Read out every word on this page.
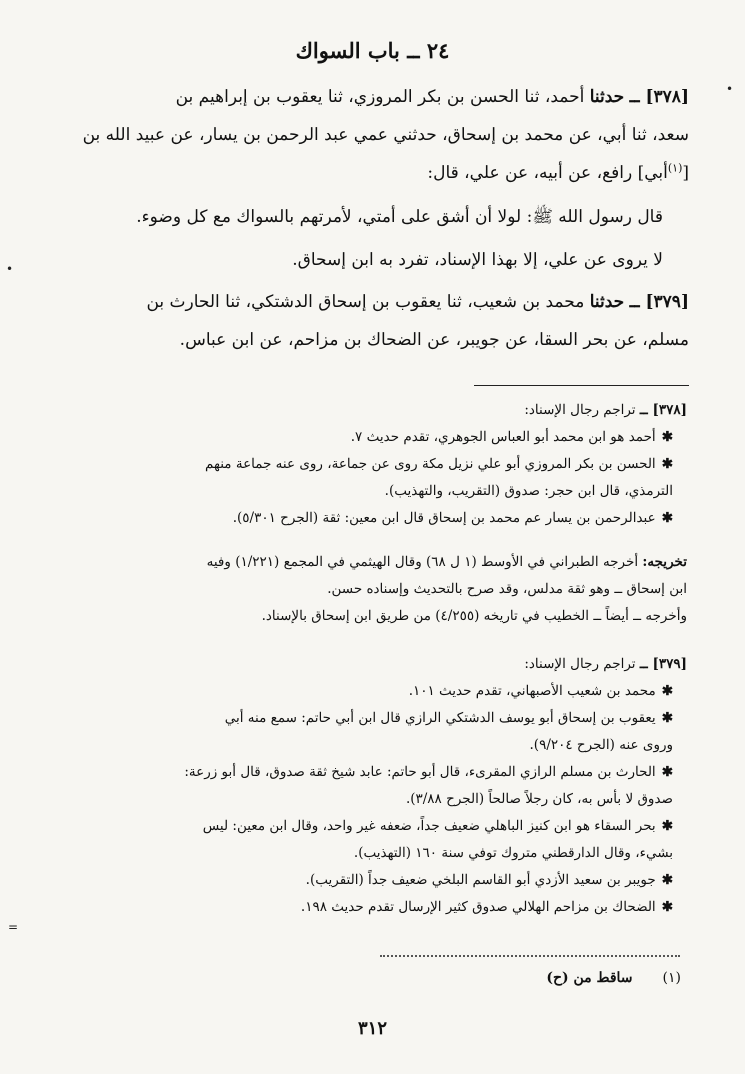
٢٤ ــ باب السواك

[٣٧٨] ــ حدثنا أحمد، ثنا الحسن بن بكر المروزي، ثنا يعقوب بن إبراهيم بن

سعد، ثنا أبي، عن محمد بن إسحاق، حدثني عمي عبد الرحمن بن يسار، عن عبيد الله بن

[$^{(١)}$أبي] رافع، عن أبيه، عن علي، قال:

قال رسول الله ﷺ: لولا أن أشق على أمتي، لأمرتهم بالسواك مع كل وضوء.
لا يروى عن علي، إلا بهذا الإسناد، تفرد به ابن إسحاق.

[٣٧٩] ــ حدثنا محمد بن شعيب، ثنا يعقوب بن إسحاق الدشتكي، ثنا الحارث بن

مسلم، عن بحر السقا، عن جويبر، عن الضحاك بن مزاحم، عن ابن عباس.

[٣٧٨] ــ تراجم رجال الإسناد:

✱أحمد هو ابن محمد أبو العباس الجوهري، تقدم حديث ٧.

✱الحسن بن بكر المروزي أبو علي نزيل مكة روى عن جماعة، روى عنه جماعة منهم

الترمذي، قال ابن حجر: صدوق (التقريب، والتهذيب).

✱عبدالرحمن بن يسار عم محمد بن إسحاق قال ابن معين: ثقة (الجرح ٥/٣٠١).

تخريجه: أخرجه الطبراني في الأوسط (١ ل ٦٨) وقال الهيثمي في المجمع (١/٢٢١) وفيه

ابن إسحاق ــ وهو ثقة مدلس، وقد صرح بالتحديث وإسناده حسن.

وأخرجه ــ أيضاً ــ الخطيب في تاريخه (٤/٢٥٥) من طريق ابن إسحاق بالإسناد.

[٣٧٩] ــ تراجم رجال الإسناد:

✱محمد بن شعيب الأصبهاني، تقدم حديث ١٠١.

✱يعقوب بن إسحاق أبو يوسف الدشتكي الرازي قال ابن أبي حاتم: سمع منه أبي

وروى عنه (الجرح ٩/٢٠٤).

✱الحارث بن مسلم الرازي المقرىء، قال أبو حاتم: عابد شيخ ثقة صدوق، قال أبو زرعة:

صدوق لا بأس به، كان رجلاً صالحاً (الجرح ٣/٨٨).

✱بحر السقاء هو ابن كنيز الباهلي ضعيف جداً، ضعفه غير واحد، وقال ابن معين: ليس

بشيء، وقال الدارقطني متروك توفي سنة ١٦٠ (التهذيب).

✱جويبر بن سعيد الأزدي أبو القاسم البلخي ضعيف جداً (التقريب).

✱الضحاك بن مزاحم الهلالي صدوق كثير الإرسال تقدم حديث ١٩٨.

(١)ساقط من (ح)
٣١٢
•
•
=
